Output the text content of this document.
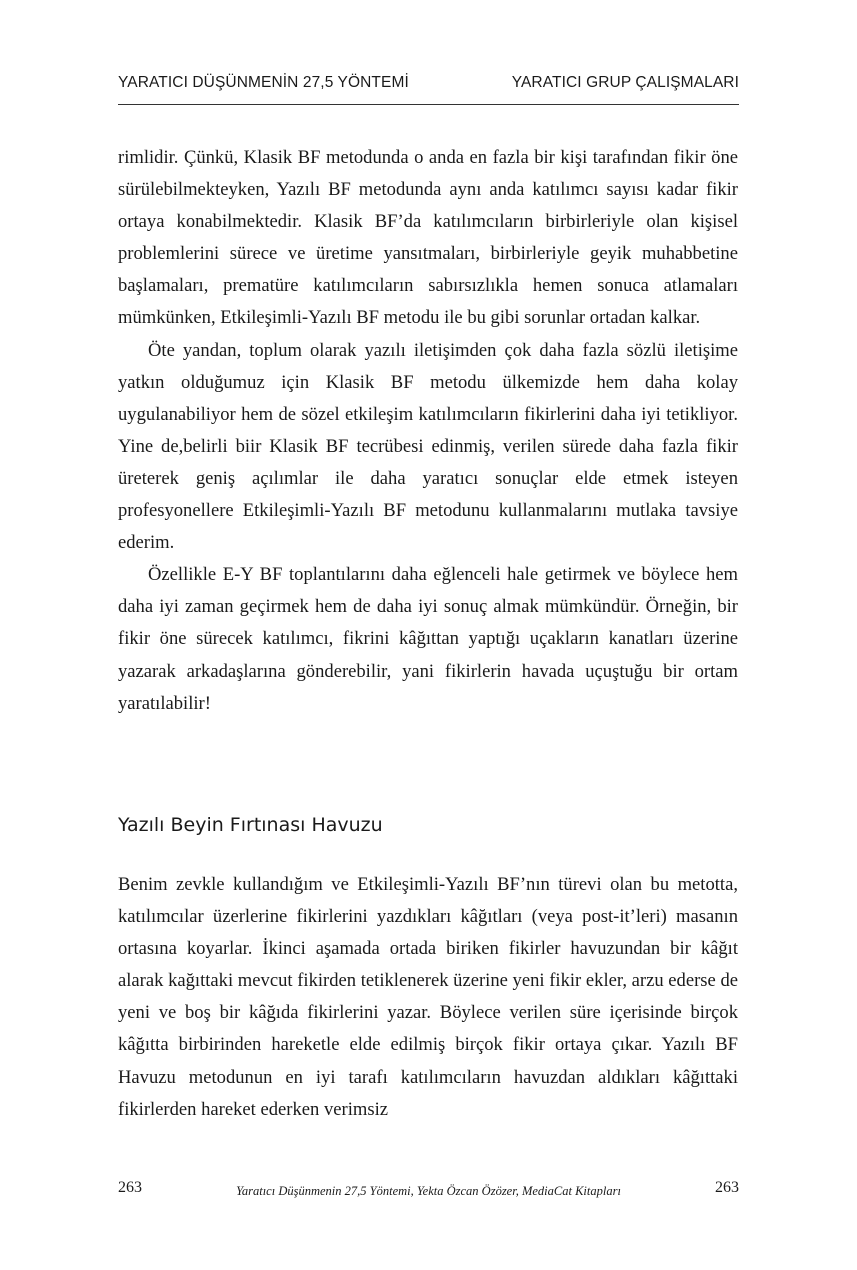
YARATICI DÜŞÜNMENİN 27,5 YÖNTEMİ	YARATICI GRUP ÇALIŞMALARI

rimlidir. Çünkü, Klasik BF metodunda o anda en fazla bir kişi tarafından fikir öne sürülebilmekteyken, Yazılı BF metodunda aynı anda katılımcı sayısı kadar fikir ortaya konabilmektedir. Klasik BF’da katılımcıların birbirleriyle olan kişisel problemlerini sürece ve üretime yansıtmaları, birbirleriyle geyik muhabbetine başlamaları, prematüre katılımcıların sabırsızlıkla hemen sonuca atlamaları mümkünken, Etkileşimli-Yazılı BF metodu ile bu gibi sorunlar ortadan kalkar.

Öte yandan, toplum olarak yazılı iletişimden çok daha fazla sözlü iletişime yatkın olduğumuz için Klasik BF metodu ülkemizde hem daha kolay uygulanabiliyor hem de sözel etkileşim katılımcıların fikirlerini daha iyi tetikliyor. Yine de,belirli biir Klasik BF tecrübesi edinmiş, verilen sürede daha fazla fikir üreterek geniş açılımlar ile daha yaratıcı sonuçlar elde etmek isteyen profesyonellere Etkileşimli-Yazılı BF metodunu kullanmalarını mutlaka tavsiye ederim.

Özellikle E-Y BF toplantılarını daha eğlenceli hale getirmek ve böylece hem daha iyi zaman geçirmek hem de daha iyi sonuç almak mümkündür. Örneğin, bir fikir öne sürecek katılımcı, fikrini kâğıttan yaptığı uçakların kanatları üzerine yazarak arkadaşlarına gönderebilir, yani fikirlerin havada uçuştuğu bir ortam yaratılabilir!

Yazılı Beyin Fırtınası Havuzu

Benim zevkle kullandığım ve Etkileşimli-Yazılı BF’nın türevi olan bu metotta, katılımcılar üzerlerine fikirlerini yazdıkları kâğıtları (veya post-it’leri) masanın ortasına koyarlar. İkinci aşamada ortada biriken fikirler havuzundan bir kâğıt alarak kağıttaki mevcut fikirden tetiklenerek üzerine yeni fikir ekler, arzu ederse de yeni ve boş bir kâğıda fikirlerini yazar. Böylece verilen süre içerisinde birçok kâğıtta birbirinden hareketle elde edilmiş birçok fikir ortaya çıkar. Yazılı BF Havuzu metodunun en iyi tarafı katılımcıların havuzdan aldıkları kâğıttaki fikirlerden hareket ederken verimsiz

263	Yaratıcı Düşünmenin 27,5 Yöntemi, Yekta Özcan Özözer, MediaCat Kitapları	263
